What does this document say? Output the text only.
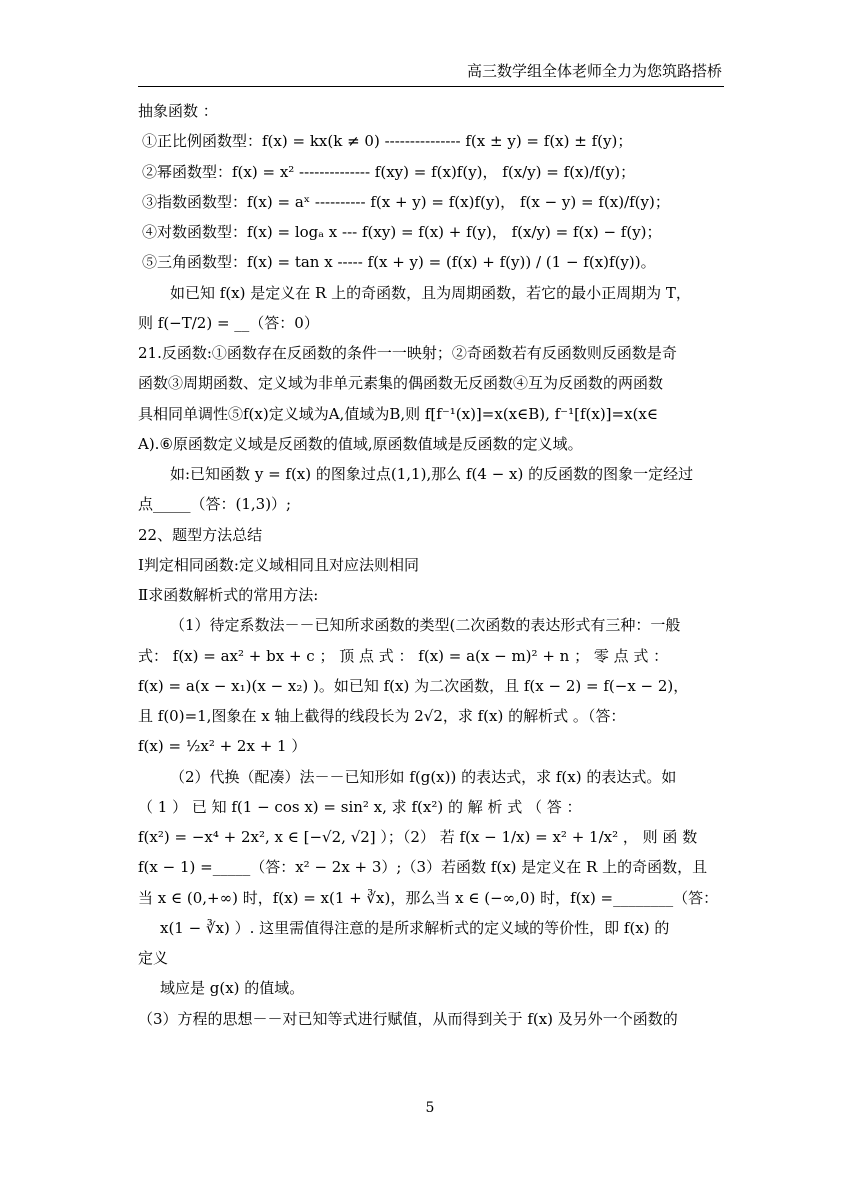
高三数学组全体老师全力为您筑路搭桥

抽象函数 ：

①正比例函数型：f(x) = kx(k ≠ 0) --------------- f(x ± y) = f(x) ± f(y)；

②幂函数型：f(x) = x² -------------- f(xy) = f(x)f(y)， f(x/y) = f(x)/f(y)；

③指数函数型：f(x) = aˣ ---------- f(x + y) = f(x)f(y)， f(x − y) = f(x)/f(y)；

④对数函数型：f(x) = logₐ x --- f(xy) = f(x) + f(y)， f(x/y) = f(x) − f(y)；

⑤三角函数型：f(x) = tan x ----- f(x + y) = (f(x) + f(y)) / (1 − f(x)f(y))。

如已知 f(x) 是定义在 R 上的奇函数，且为周期函数，若它的最小正周期为 T，

则 f(−T/2) = __（答：0）

21.反函数:①函数存在反函数的条件一一映射；②奇函数若有反函数则反函数是奇

函数③周期函数、定义域为非单元素集的偶函数无反函数④互为反函数的两函数

具相同单调性⑤f(x)定义域为A,值域为B,则 f[f⁻¹(x)]=x(x∈B), f⁻¹[f(x)]=x(x∈

A).⑥原函数定义域是反函数的值域,原函数值域是反函数的定义域。

如:已知函数 y = f(x) 的图象过点(1,1),那么 f(4 − x) 的反函数的图象一定经过

点_____（答：(1,3)）;

22、题型方法总结

Ⅰ判定相同函数:定义域相同且对应法则相同

Ⅱ求函数解析式的常用方法:

（1）待定系数法－－已知所求函数的类型(二次函数的表达形式有三种：一般

式： f(x) = ax² + bx + c ； 顶 点 式 ： f(x) = a(x − m)² + n ； 零 点 式 ：

f(x) = a(x − x₁)(x − x₂) )。如已知 f(x) 为二次函数，且 f(x − 2) = f(−x − 2)，

且 f(0)=1,图象在 x 轴上截得的线段长为 2√2，求 f(x) 的解析式 。（答：

f(x) = ½x² + 2x + 1 ）

（2）代换（配凑）法－－已知形如 f(g(x)) 的表达式，求 f(x) 的表达式。如

（ 1 ） 已 知 f(1 − cos x) = sin² x, 求 f(x²) 的 解 析 式 （ 答 ：

f(x²) = −x⁴ + 2x², x ∈ [−√2, √2] ）；（2） 若 f(x − 1/x) = x² + 1/x² ， 则 函 数

f(x − 1) =_____（答：x² − 2x + 3）;（3）若函数 f(x) 是定义在 R 上的奇函数，且

当 x ∈ (0,+∞) 时，f(x) = x(1 + ∛x)，那么当 x ∈ (−∞,0) 时，f(x) =________（答：

x(1 − ∛x) ）. 这里需值得注意的是所求解析式的定义域的等价性，即 f(x) 的

定义

域应是 g(x) 的值域。

（3）方程的思想－－对已知等式进行赋值，从而得到关于 f(x) 及另外一个函数的

5
